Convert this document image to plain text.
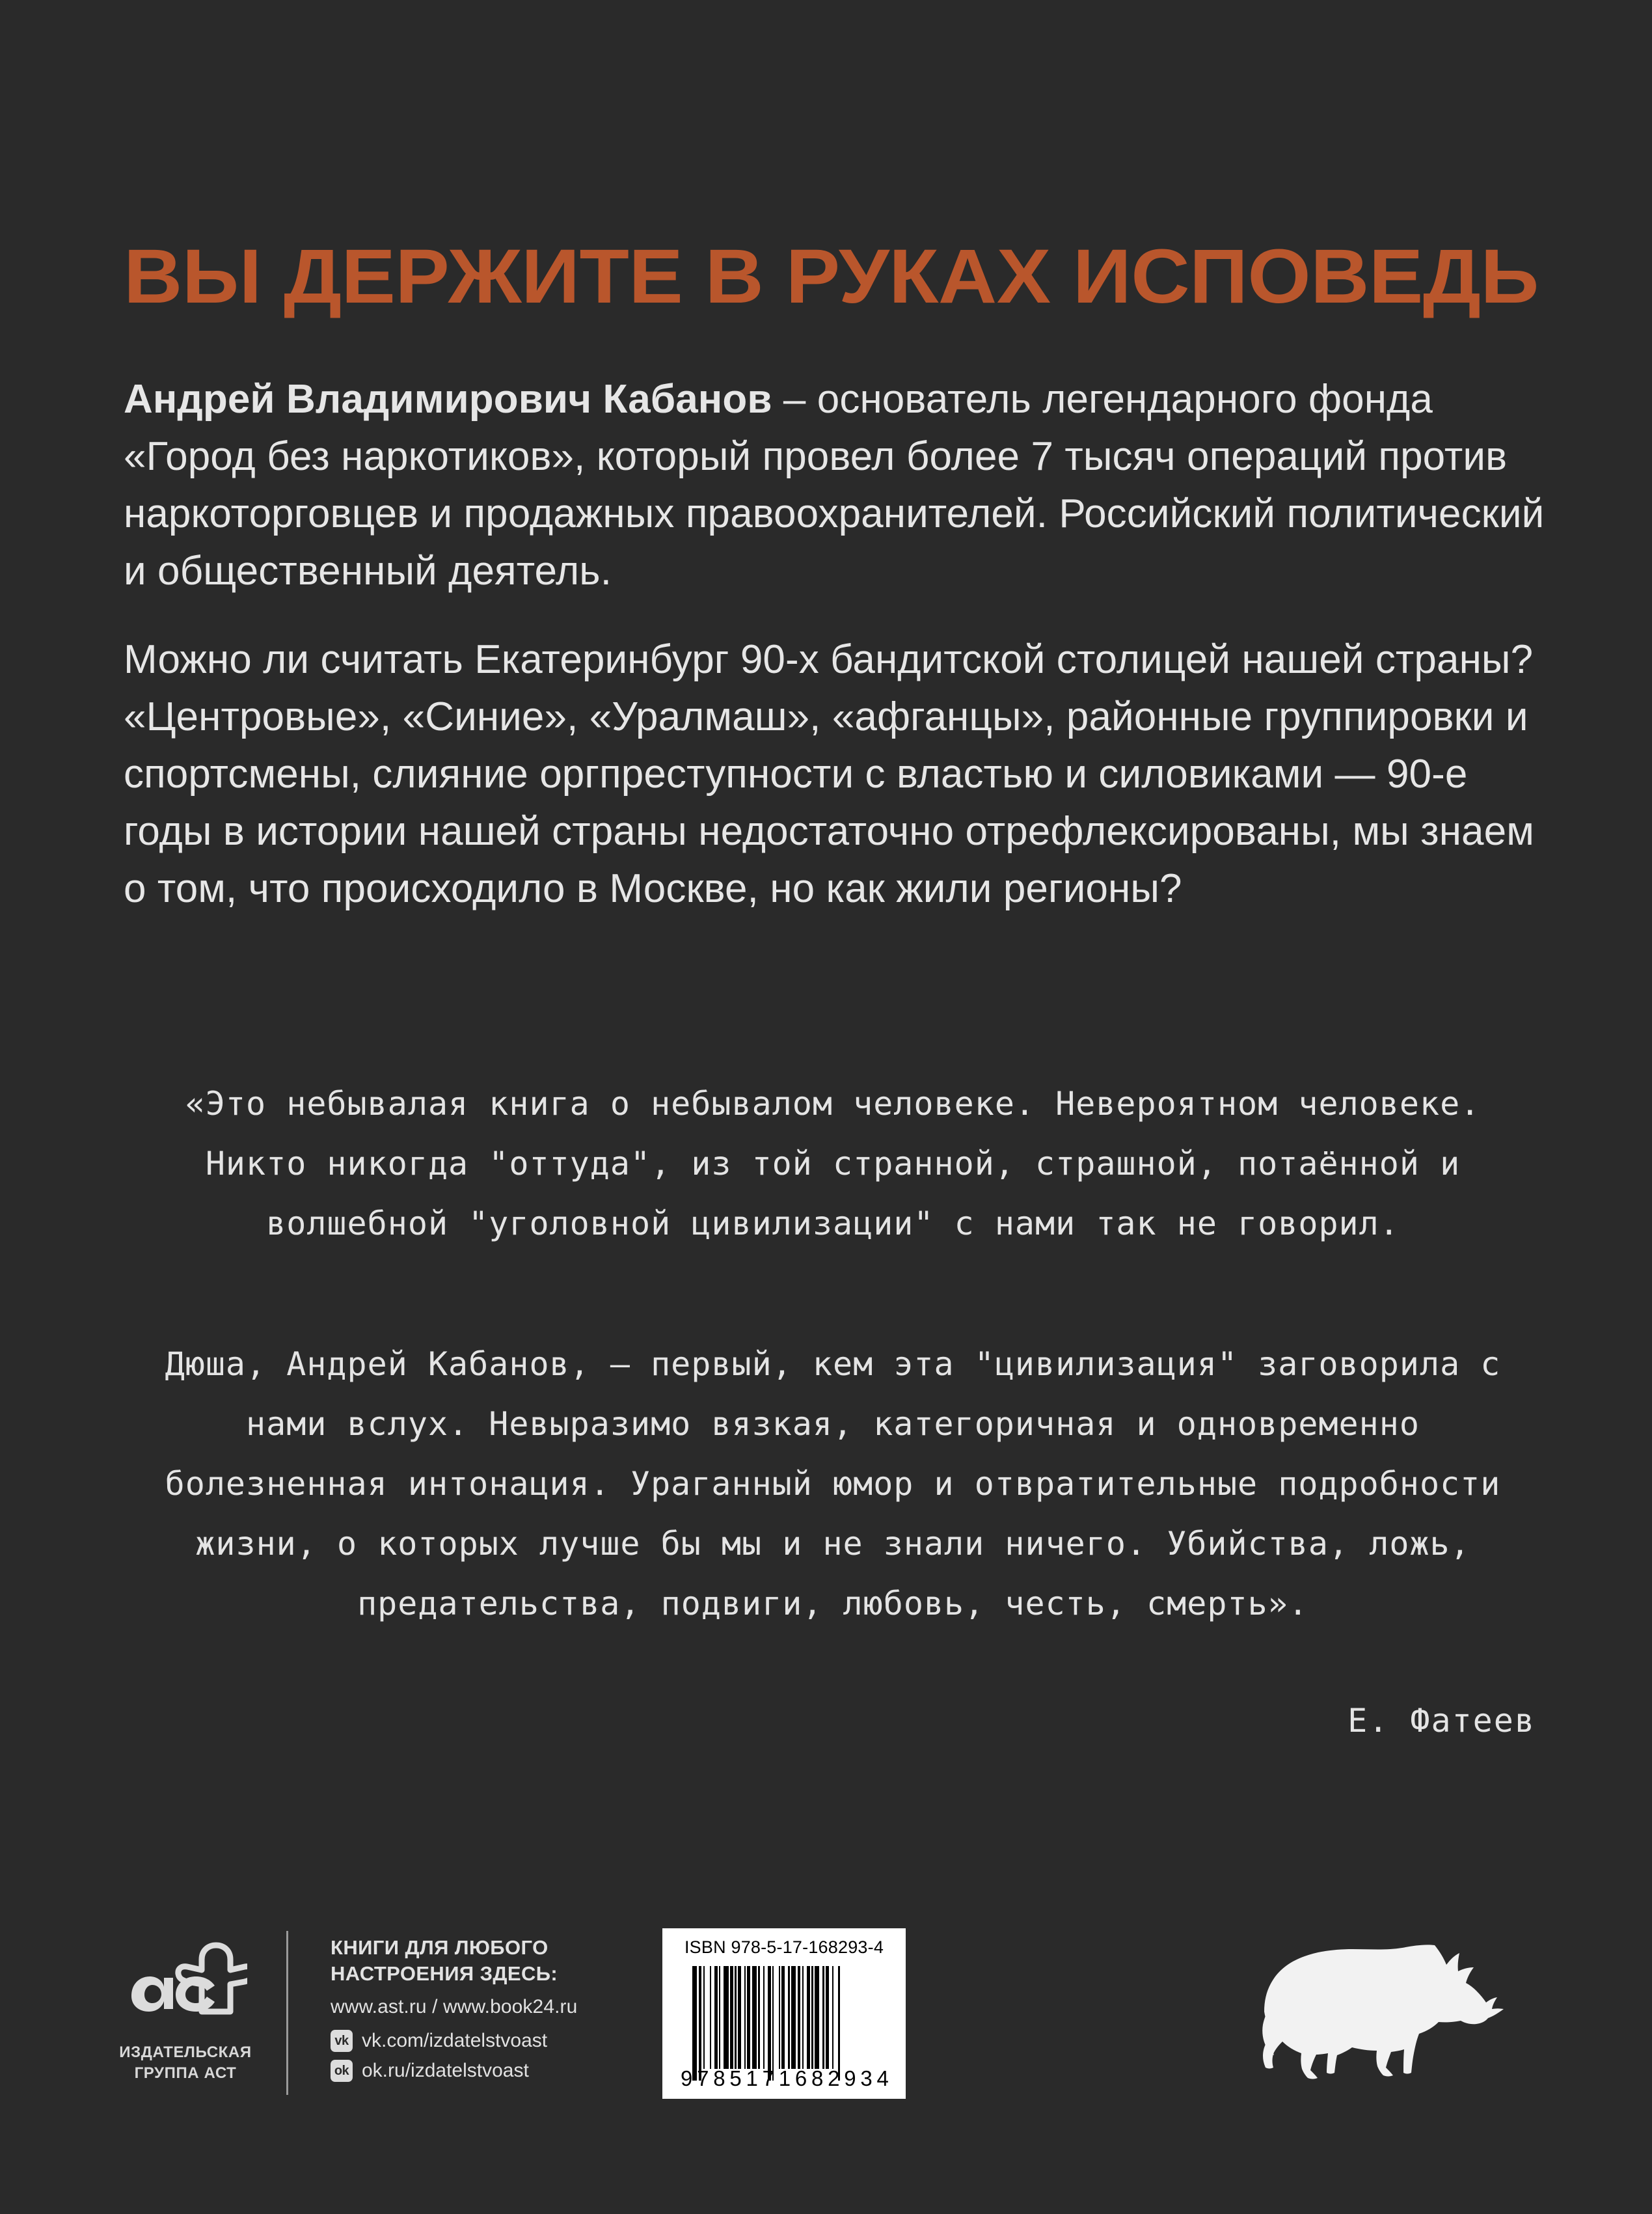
ВЫ ДЕРЖИТЕ В РУКАХ ИСПОВЕДЬ

Андрей Владимирович Кабанов – основатель легендарного фонда «Город без наркотиков», который провел более 7 тысяч операций против наркоторговцев и продажных правоохранителей. Российский политический и общественный деятель.

Можно ли считать Екатеринбург 90-х бандитской столицей нашей страны? «Центровые», «Синие», «Уралмаш», «афганцы», районные группировки и спортсмены, слияние оргпреступности с властью и силовиками — 90-е годы в истории нашей страны недостаточно отрефлексированы, мы знаем о том, что происходило в Москве, но как жили регионы?

«Это небывалая книга о небывалом человеке. Невероятном человеке. Никто никогда "оттуда", из той странной, страшной, потаённой и волшебной "уголовной цивилизации" с нами так не говорил.

Дюша, Андрей Кабанов, — первый, кем эта "цивилизация" заговорила с нами вслух. Невыразимо вязкая, категоричная и одновременно болезненная интонация. Ураганный юмор и отвратительные подробности жизни, о которых лучше бы мы и не знали ничего. Убийства, ложь, предательства, подвиги, любовь, честь, смерть».

Е. Фатеев
ИЗДАТЕЛЬСКАЯ
ГРУППА АСТ
КНИГИ ДЛЯ ЛЮБОГО
НАСТРОЕНИЯ ЗДЕСЬ:
www.ast.ru / www.book24.ru
vk vk.com/izdatelstvoast
ok ok.ru/izdatelstvoast
ISBN 978-5-17-168293-4
9 7 8 5 1 7 1 6 8 2 9 3 4
